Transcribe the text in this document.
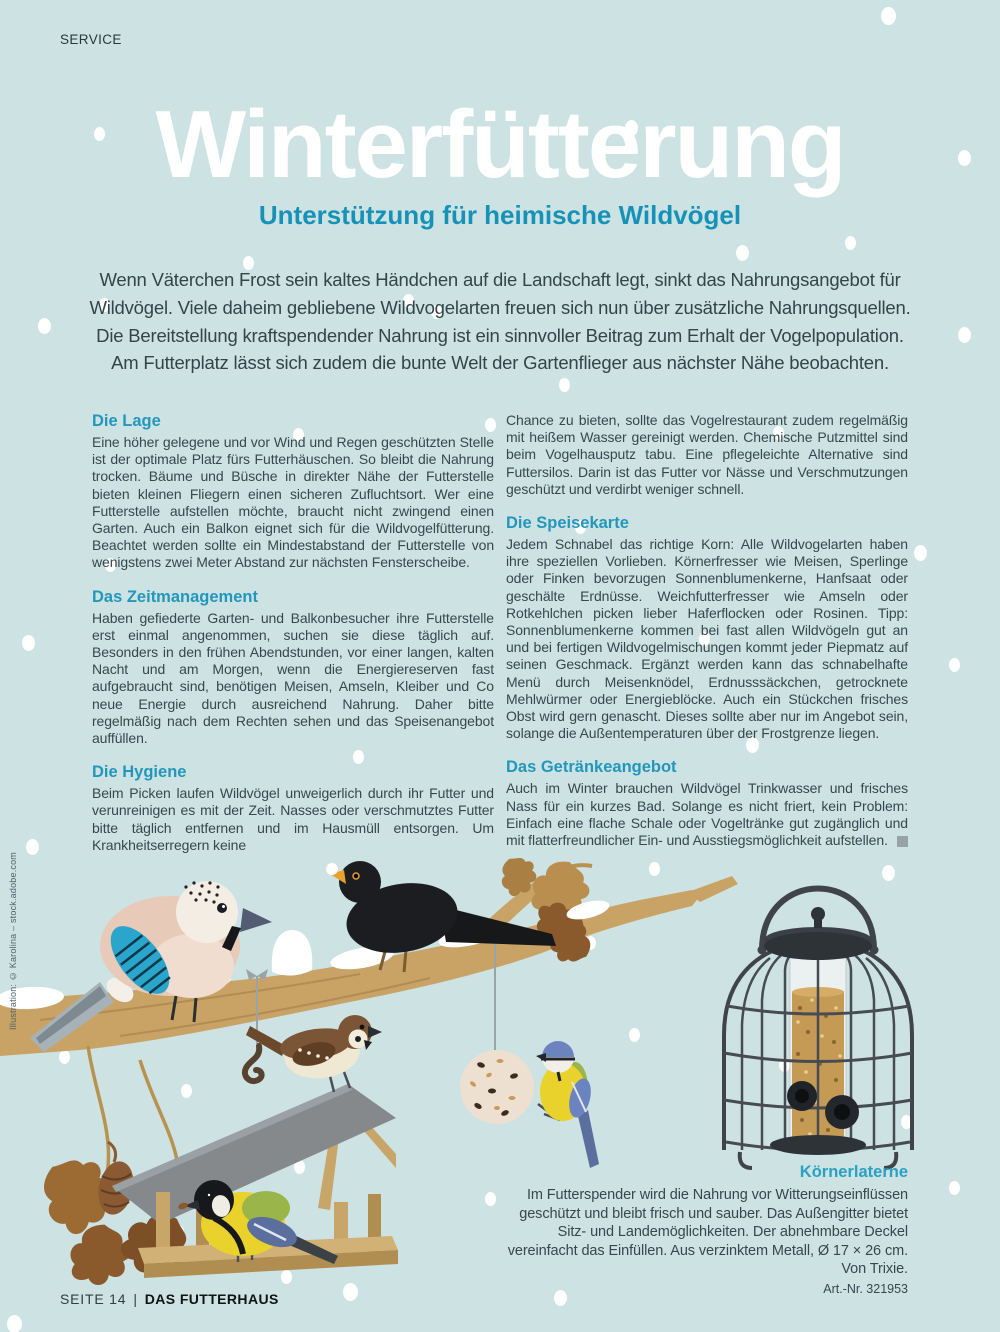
SERVICE
Winterfütterung
Unterstützung für heimische Wildvögel

Wenn Väterchen Frost sein kaltes Händchen auf die Landschaft legt, sinkt das Nahrungsangebot für Wildvögel. Viele daheim gebliebene Wildvogelarten freuen sich nun über zusätzliche Nahrungsquellen. Die Bereitstellung kraftspendender Nahrung ist ein sinnvoller Beitrag zum Erhalt der Vogelpopulation. Am Futterplatz lässt sich zudem die bunte Welt der Gartenflieger aus nächster Nähe beobachten.

Die Lage

Eine höher gelegene und vor Wind und Regen geschützten Stelle ist der optimale Platz fürs Futterhäuschen. So bleibt die Nahrung trocken. Bäume und Büsche in direkter Nähe der Futterstelle bieten kleinen Fliegern einen sicheren Zufluchtsort. Wer eine Futterstelle aufstellen möchte, braucht nicht zwingend einen Garten. Auch ein Balkon eignet sich für die Wildvogelfütterung. Beachtet werden sollte ein Mindestabstand der Futterstelle von wenigstens zwei Meter Abstand zur nächsten Fensterscheibe.

Das Zeitmanagement

Haben gefiederte Garten- und Balkonbesucher ihre Futterstelle erst einmal angenommen, suchen sie diese täglich auf. Besonders in den frühen Abendstunden, vor einer langen, kalten Nacht und am Morgen, wenn die Energiereserven fast aufgebraucht sind, benötigen Meisen, Amseln, Kleiber und Co neue Energie durch ausreichend Nahrung. Daher bitte regelmäßig nach dem Rechten sehen und das Speisenangebot auffüllen.

Die Hygiene

Beim Picken laufen Wildvögel unweigerlich durch ihr Futter und verunreinigen es mit der Zeit. Nasses oder verschmutztes Futter bitte täglich entfernen und im Hausmüll entsorgen. Um Krankheitserregern keine

Chance zu bieten, sollte das Vogelrestaurant zudem regelmäßig mit heißem Wasser gereinigt werden. Chemische Putzmittel sind beim Vogelhausputz tabu. Eine pflegeleichte Alternative sind Futtersilos. Darin ist das Futter vor Nässe und Verschmutzungen geschützt und verdirbt weniger schnell.

Die Speisekarte

Jedem Schnabel das richtige Korn: Alle Wildvogelarten haben ihre speziellen Vorlieben. Körnerfresser wie Meisen, Sperlinge oder Finken bevorzugen Sonnenblumenkerne, Hanfsaat oder geschälte Erdnüsse. Weichfutterfresser wie Amseln oder Rotkehlchen picken lieber Haferflocken oder Rosinen. Tipp: Sonnenblumenkerne kommen bei fast allen Wildvögeln gut an und bei fertigen Wildvogelmischungen kommt jeder Piepmatz auf seinen Geschmack. Ergänzt werden kann das schnabelhafte Menü durch Meisenknödel, Erdnusssäckchen, getrocknete Mehlwürmer oder Energieblöcke. Auch ein Stückchen frisches Obst wird gern genascht. Dieses sollte aber nur im Angebot sein, solange die Außentemperaturen über der Frostgrenze liegen.

Das Getränkeangebot

Auch im Winter brauchen Wildvögel Trinkwasser und frisches Nass für ein kurzes Bad. Solange es nicht friert, kein Problem: Einfach eine flache Schale oder Vogeltränke gut zugänglich und mit flatterfreundlicher Ein- und Ausstiegsmöglichkeit aufstellen.

Körnerlaterne

Im Futterspender wird die Nahrung vor Witterungseinflüssen geschützt und bleibt frisch und sauber. Das Außengitter bietet Sitz- und Landemöglichkeiten. Der abnehmbare Deckel vereinfacht das Einfüllen. Aus verzinktem Metall, Ø 17 × 26 cm. Von Trixie.

Art.-Nr. 321953
Illustration: © Karolina – stock.adobe.com
SEITE 14 | DAS FUTTERHAUS
